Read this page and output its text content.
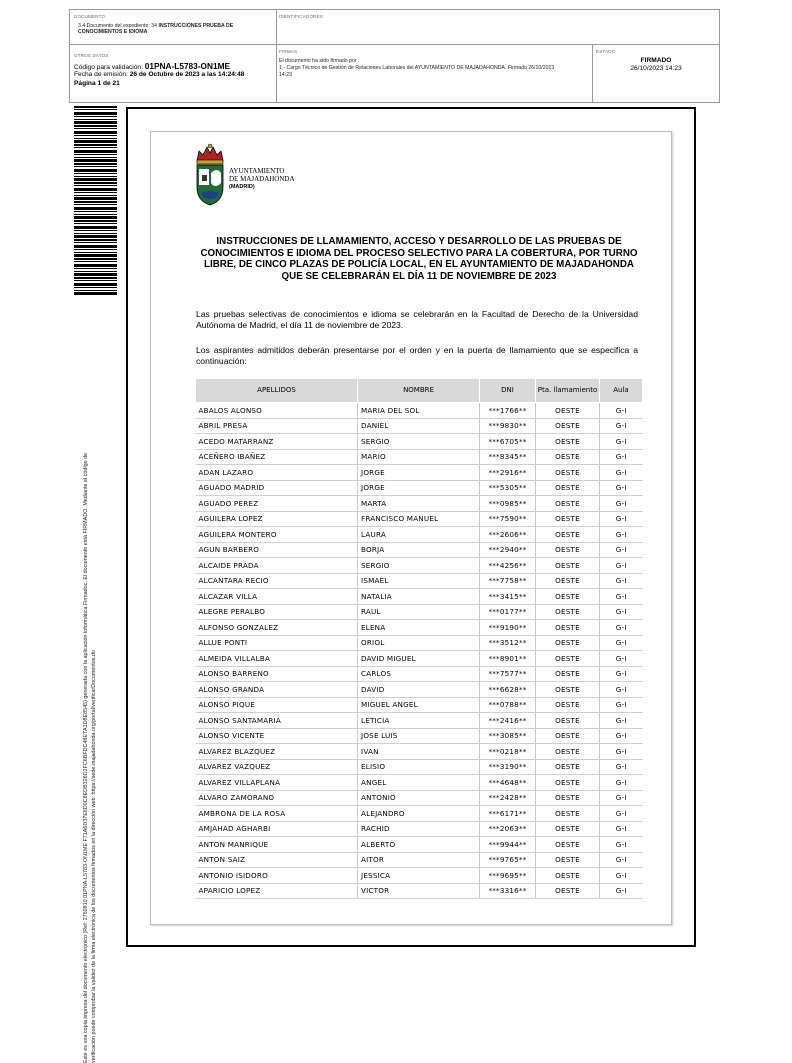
DOCUMENTO
3.4 Documento del expediente: 34 INSTRUCCIONES PRUEBA DE CONOCIMIENTOS E IDIOMA
IDENTIFICADORES
OTROS DATOS
Código para validación: 01PNA-L5783-ON1ME
Fecha de emisión: 26 de Octubre de 2023 a las 14:24:48
Página 1 de 21
FIRMAS
El documento ha sido firmado por :
1.- Cargo Técnico de Gestión de Relaciones Laborales del AYUNTAMIENTO DE MAJADAHONDA. Firmado 26/10/2023
14:23
ESTADO
FIRMADO
26/10/2023 14:23
Este es una copia impresa del documento electrónico (Ref: 2750810 01PNA-L5783-ON1ME F71A6D37E6D0C8EDB326D2FC6BFDC48E7A1D8E8545) generada con la aplicación informática Firmadoc. El documento está FIRMADO. Mediante el código de verificación puede comprobar la validez de la firma electrónica de los documentos firmados en la dirección web: https://sede.majadahonda.org/portal/verificarDocumentos.do
AYUNTAMIENTO
DE MAJADAHONDA
(MADRID)
INSTRUCCIONES DE LLAMAMIENTO, ACCESO Y DESARROLLO DE LAS PRUEBAS DE CONOCIMIENTOS E IDIOMA DEL PROCESO SELECTIVO PARA LA COBERTURA, POR TURNO LIBRE, DE CINCO PLAZAS DE POLICÍA LOCAL, EN EL AYUNTAMIENTO DE MAJADAHONDA QUE SE CELEBRARÁN EL DÍA 11 DE NOVIEMBRE DE 2023
Las pruebas selectivas de conocimientos e idioma se celebrarán en la Facultad de Derecho de la Universidad Autónoma de Madrid, el día 11 de noviembre de 2023.
Los aspirantes admitidos deberán presentarse por el orden y en la puerta de llamamiento que se especifica a continuación:
APELLIDOS	NOMBRE	DNI	Pta. llamamiento	Aula
ABALOS ALONSO	MARIA DEL SOL	***1766**	OESTE	G-I
ABRIL PRESA	DANIEL	***9830**	OESTE	G-I
ACEDO MATARRANZ	SERGIO	***6705**	OESTE	G-I
ACEÑERO IBAÑEZ	MARIO	***8345**	OESTE	G-I
ADAN LAZARO	JORGE	***2916**	OESTE	G-I
AGUADO MADRID	JORGE	***5305**	OESTE	G-I
AGUADO PEREZ	MARTA	***0985**	OESTE	G-I
AGUILERA LOPEZ	FRANCISCO MANUEL	***7590**	OESTE	G-I
AGUILERA MONTERO	LAURA	***2606**	OESTE	G-I
AGUN BARBERO	BORJA	***2940**	OESTE	G-I
ALCAIDE PRADA	SERGIO	***4256**	OESTE	G-I
ALCANTARA RECIO	ISMAEL	***7758**	OESTE	G-I
ALCAZAR VILLA	NATALIA	***3415**	OESTE	G-I
ALEGRE PERALBO	RAUL	***0177**	OESTE	G-I
ALFONSO GONZALEZ	ELENA	***9190**	OESTE	G-I
ALLUE PONTI	ORIOL	***3512**	OESTE	G-I
ALMEIDA VILLALBA	DAVID MIGUEL	***8901**	OESTE	G-I
ALONSO BARRENO	CARLOS	***7577**	OESTE	G-I
ALONSO GRANDA	DAVID	***6628**	OESTE	G-I
ALONSO PIQUE	MIGUEL ANGEL	***0788**	OESTE	G-I
ALONSO SANTAMARIA	LETICIA	***2416**	OESTE	G-I
ALONSO VICENTE	JOSE LUIS	***3085**	OESTE	G-I
ALVAREZ BLAZQUEZ	IVAN	***0218**	OESTE	G-I
ALVAREZ VAZQUEZ	ELISIO	***3190**	OESTE	G-I
ALVAREZ VILLAPLANA	ANGEL	***4648**	OESTE	G-I
ALVARO ZAMORANO	ANTONIO	***2428**	OESTE	G-I
AMBRONA DE LA ROSA	ALEJANDRO	***6171**	OESTE	G-I
AMJAHAD AGHARBI	RACHID	***2063**	OESTE	G-I
ANTON MANRIQUE	ALBERTO	***9944**	OESTE	G-I
ANTON SAIZ	AITOR	***9765**	OESTE	G-I
ANTONIO ISIDORO	JESSICA	***9695**	OESTE	G-I
APARICIO LOPEZ	VICTOR	***3316**	OESTE	G-I
